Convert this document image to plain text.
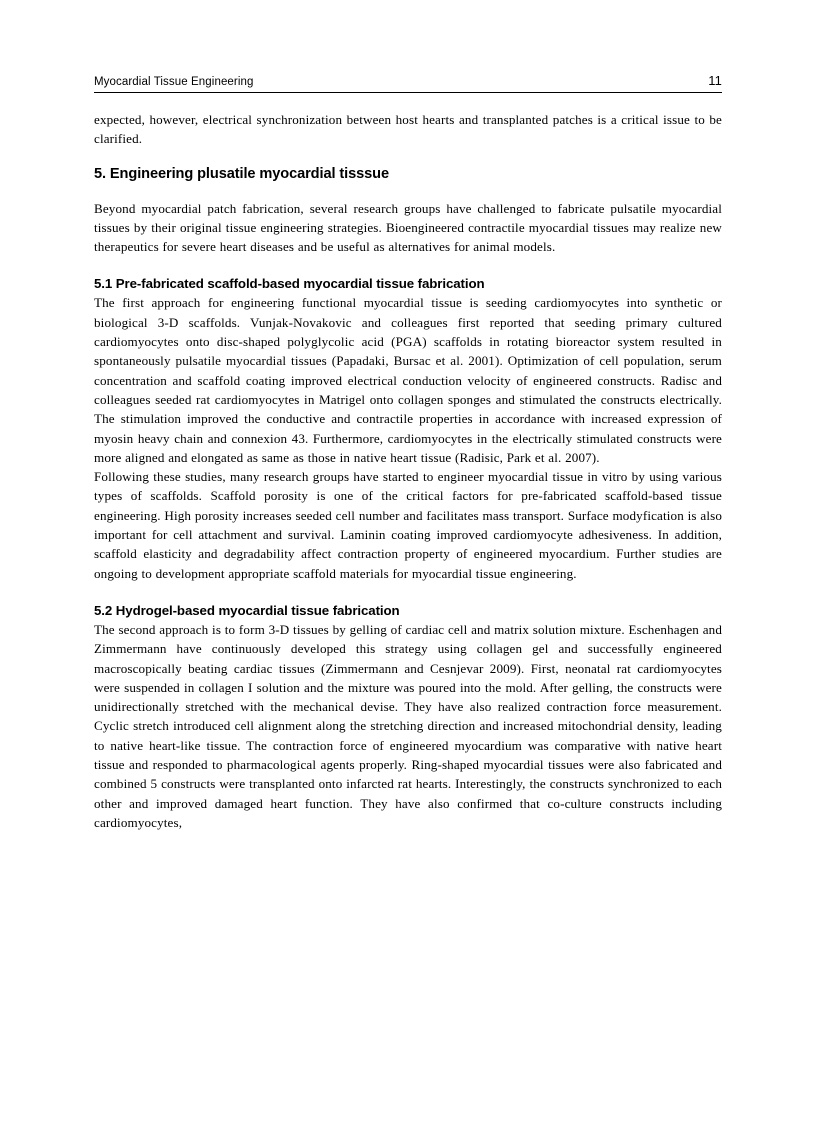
Myocardial Tissue Engineering	11

expected, however, electrical synchronization between host hearts and transplanted patches is a critical issue to be clarified.

5. Engineering plusatile myocardial tisssue

Beyond myocardial patch fabrication, several research groups have challenged to fabricate pulsatile myocardial tissues by their original tissue engineering strategies. Bioengineered contractile myocardial tissues may realize new therapeutics for severe heart diseases and be useful as alternatives for animal models.

5.1 Pre-fabricated scaffold-based myocardial tissue fabrication

The first approach for engineering functional myocardial tissue is seeding cardiomyocytes into synthetic or biological 3-D scaffolds. Vunjak-Novakovic and colleagues first reported that seeding primary cultured cardiomyocytes onto disc-shaped polyglycolic acid (PGA) scaffolds in rotating bioreactor system resulted in spontaneously pulsatile myocardial tissues (Papadaki, Bursac et al. 2001). Optimization of cell population, serum concentration and scaffold coating improved electrical conduction velocity of engineered constructs. Radisc and colleagues seeded rat cardiomyocytes in Matrigel onto collagen sponges and stimulated the constructs electrically. The stimulation improved the conductive and contractile properties in accordance with increased expression of myosin heavy chain and connexion 43. Furthermore, cardiomyocytes in the electrically stimulated constructs were more aligned and elongated as same as those in native heart tissue (Radisic, Park et al. 2007).

Following these studies, many research groups have started to engineer myocardial tissue in vitro by using various types of scaffolds. Scaffold porosity is one of the critical factors for pre-fabricated scaffold-based tissue engineering. High porosity increases seeded cell number and facilitates mass transport. Surface modyfication is also important for cell attachment and survival. Laminin coating improved cardiomyocyte adhesiveness. In addition, scaffold elasticity and degradability affect contraction property of engineered myocardium. Further studies are ongoing to development appropriate scaffold materials for myocardial tissue engineering.

5.2 Hydrogel-based myocardial tissue fabrication

The second approach is to form 3-D tissues by gelling of cardiac cell and matrix solution mixture. Eschenhagen and Zimmermann have continuously developed this strategy using collagen gel and successfully engineered macroscopically beating cardiac tissues (Zimmermann and Cesnjevar 2009). First, neonatal rat cardiomyocytes were suspended in collagen I solution and the mixture was poured into the mold. After gelling, the constructs were unidirectionally stretched with the mechanical devise. They have also realized contraction force measurement. Cyclic stretch introduced cell alignment along the stretching direction and increased mitochondrial density, leading to native heart-like tissue. The contraction force of engineered myocardium was comparative with native heart tissue and responded to pharmacological agents properly. Ring-shaped myocardial tissues were also fabricated and combined 5 constructs were transplanted onto infarcted rat hearts. Interestingly, the constructs synchronized to each other and improved damaged heart function. They have also confirmed that co-culture constructs including cardiomyocytes,
